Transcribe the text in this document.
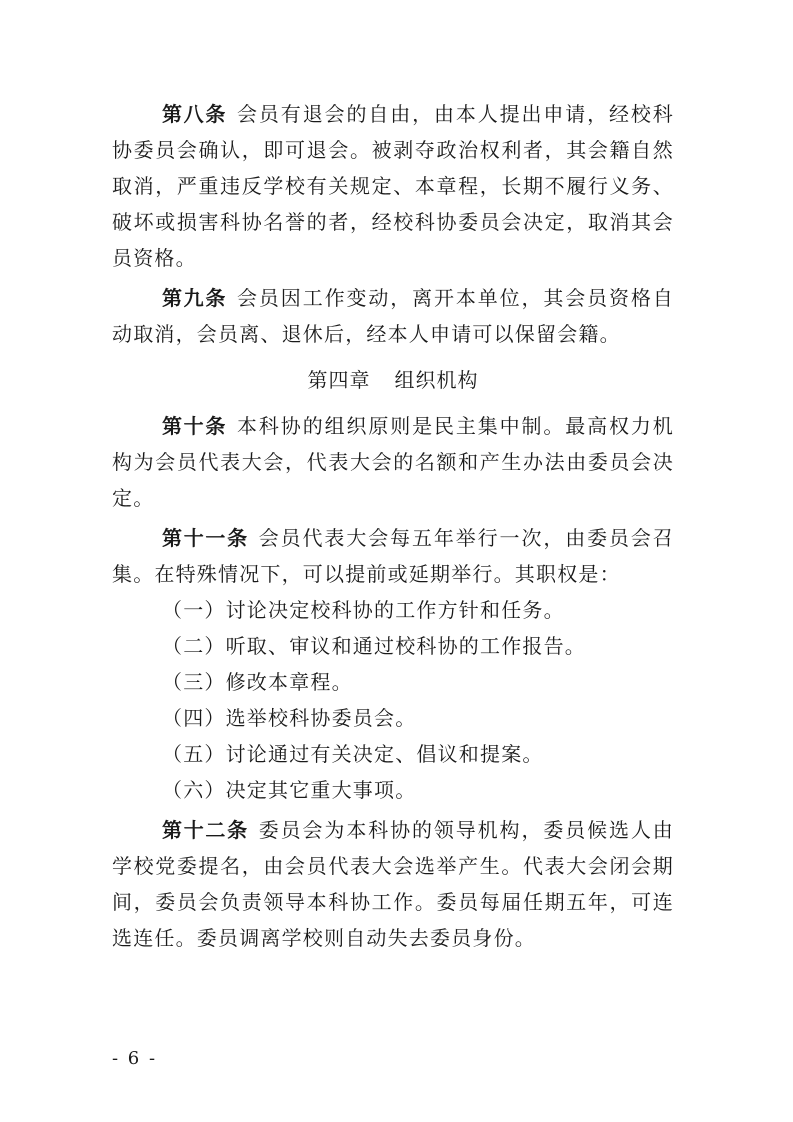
第八条 会员有退会的自由，由本人提出申请，经校科协委员会确认，即可退会。被剥夺政治权利者，其会籍自然取消，严重违反学校有关规定、本章程，长期不履行义务、破坏或损害科协名誉的者，经校科协委员会决定，取消其会员资格。

第九条 会员因工作变动，离开本单位，其会员资格自动取消，会员离、退休后，经本人申请可以保留会籍。

第四章 组织机构

第十条 本科协的组织原则是民主集中制。最高权力机构为会员代表大会，代表大会的名额和产生办法由委员会决定。

第十一条 会员代表大会每五年举行一次，由委员会召集。在特殊情况下，可以提前或延期举行。其职权是：

（一）讨论决定校科协的工作方针和任务。

（二）听取、审议和通过校科协的工作报告。

（三）修改本章程。

（四）选举校科协委员会。

（五）讨论通过有关决定、倡议和提案。

（六）决定其它重大事项。

第十二条 委员会为本科协的领导机构，委员候选人由学校党委提名，由会员代表大会选举产生。代表大会闭会期间，委员会负责领导本科协工作。委员每届任期五年，可连选连任。委员调离学校则自动失去委员身份。

- 6 -
